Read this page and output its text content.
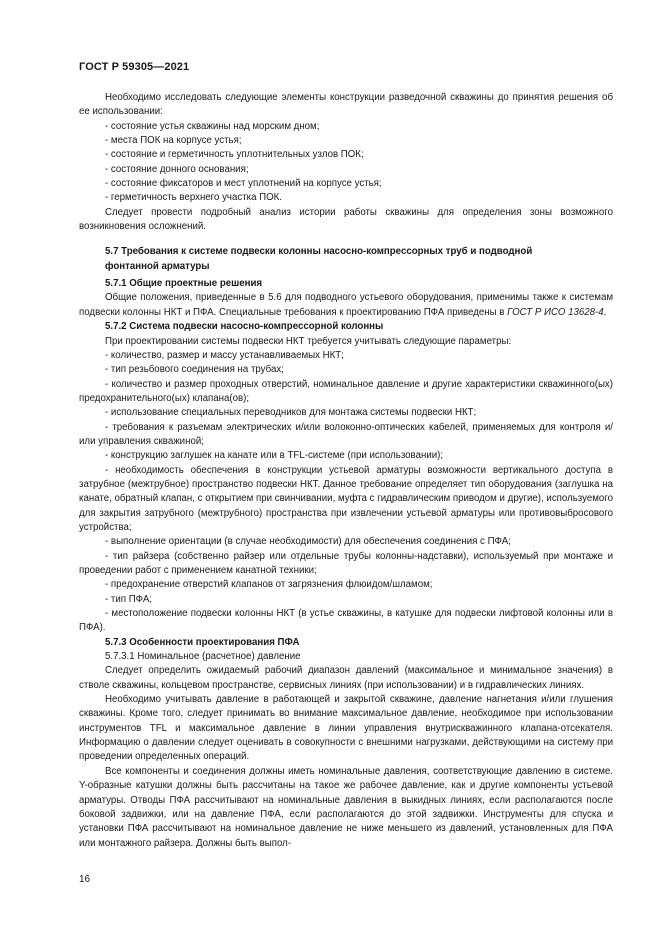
ГОСТ Р 59305—2021

Необходимо исследовать следующие элементы конструкции разведочной скважины до принятия решения об ее использовании:

- состояние устья скважины над морским дном;

- места ПОК на корпусе устья;

- состояние и герметичность уплотнительных узлов ПОК;

- состояние донного основания;

- состояние фиксаторов и мест уплотнений на корпусе устья;

- герметичность верхнего участка ПОК.

Следует провести подробный анализ истории работы скважины для определения зоны возможного возникновения осложнений.

5.7 Требования к системе подвески колонны насосно-компрессорных труб и подводной
фонтанной арматуры

5.7.1 Общие проектные решения

Общие положения, приведенные в 5.6 для подводного устьевого оборудования, применимы также к системам подвески колонны НКТ и ПФА. Специальные требования к проектированию ПФА приведены в ГОСТ Р ИСО 13628-4.

5.7.2 Система подвески насосно-компрессорной колонны

При проектировании системы подвески НКТ требуется учитывать следующие параметры:

- количество, размер и массу устанавливаемых НКТ;

- тип резьбового соединения на трубах;

- количество и размер проходных отверстий, номинальное давление и другие характеристики скважинного(ых) предохранительного(ых) клапана(ов);

- использование специальных переводников для монтажа системы подвески НКТ;

- требования к разъемам электрических и/или волоконно-оптических кабелей, применяемых для контроля и/или управления скважиной;

- конструкцию заглушек на канате или в TFL-системе (при использовании);

- необходимость обеспечения в конструкции устьевой арматуры возможности вертикального доступа в затрубное (межтрубное) пространство подвески НКТ. Данное требование определяет тип оборудования (заглушка на канате, обратный клапан, с открытием при свинчивании, муфта с гидравлическим приводом и другие), используемого для закрытия затрубного (межтрубного) пространства при извлечении устьевой арматуры или противовыбросового устройства;

- выполнение ориентации (в случае необходимости) для обеспечения соединения с ПФА;

- тип райзера (собственно райзер или отдельные трубы колонны-надставки), используемый при монтаже и проведении работ с применением канатной техники;

- предохранение отверстий клапанов от загрязнения флюидом/шламом;

- тип ПФА;

- местоположение подвески колонны НКТ (в устье скважины, в катушке для подвески лифтовой колонны или в ПФА).

5.7.3 Особенности проектирования ПФА

5.7.3.1 Номинальное (расчетное) давление

Следует определить ожидаемый рабочий диапазон давлений (максимальное и минимальное значения) в стволе скважины, кольцевом пространстве, сервисных линиях (при использовании) и в гидравлических линиях.

Необходимо учитывать давление в работающей и закрытой скважине, давление нагнетания и/или глушения скважины. Кроме того, следует принимать во внимание максимальное давление, необходимое при использовании инструментов TFL и максимальное давление в линии управления внутрискважинного клапана-отсекателя. Информацию о давлении следует оценивать в совокупности с внешними нагрузками, действующими на систему при проведении определенных операций.

Все компоненты и соединения должны иметь номинальные давления, соответствующие давлению в системе. Y-образные катушки должны быть рассчитаны на такое же рабочее давление, как и другие компоненты устьевой арматуры. Отводы ПФА рассчитывают на номинальные давления в выкидных линиях, если располагаются после боковой задвижки, или на давление ПФА, если располагаются до этой задвижки. Инструменты для спуска и установки ПФА рассчитывают на номинальное давление не ниже меньшего из давлений, установленных для ПФА или монтажного райзера. Должны быть выпол-

16
